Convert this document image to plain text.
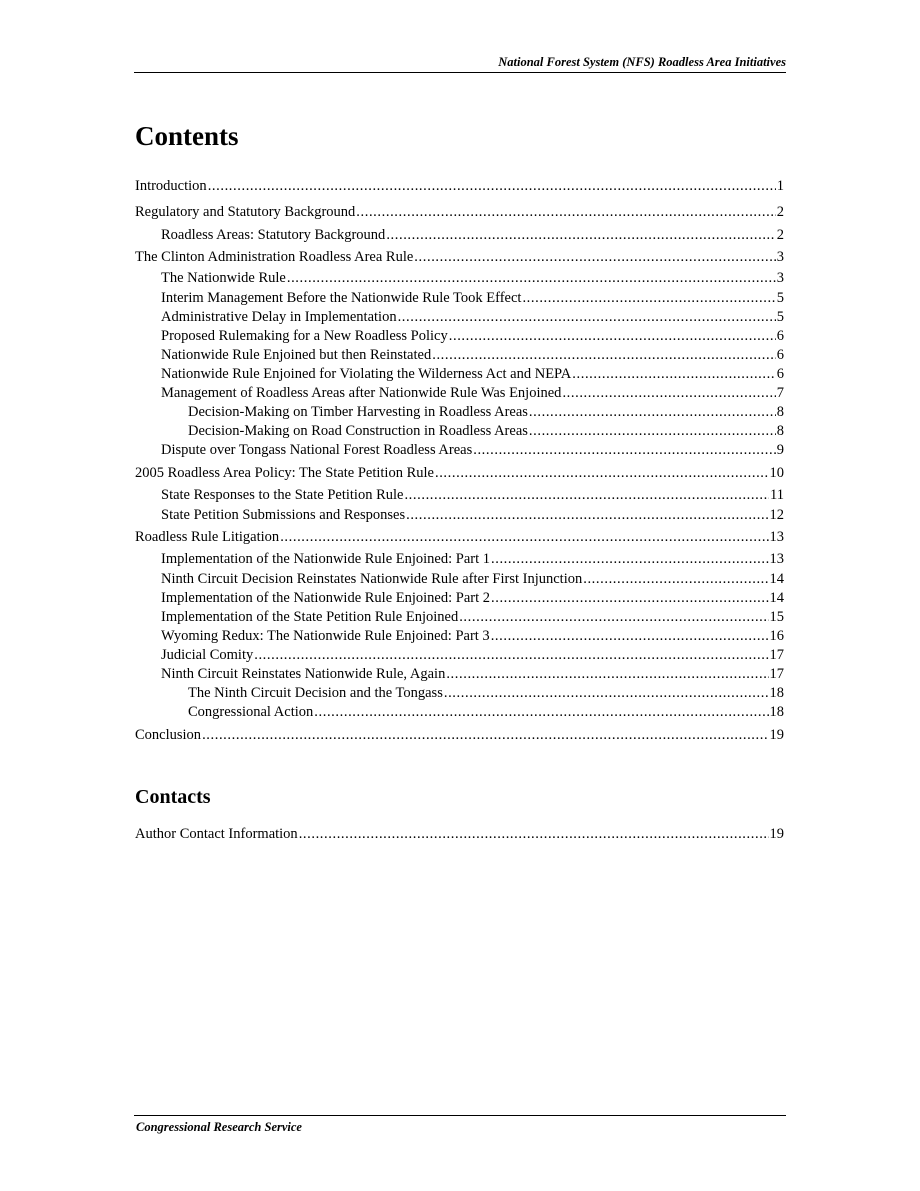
National Forest System (NFS) Roadless Area Initiatives
Contents
Introduction .....	1
Regulatory and Statutory Background .....	2
Roadless Areas: Statutory Background .....	2
The Clinton Administration Roadless Area Rule .....	3
The Nationwide Rule .....	3
Interim Management Before the Nationwide Rule Took Effect .....	5
Administrative Delay in Implementation .....	5
Proposed Rulemaking for a New Roadless Policy .....	6
Nationwide Rule Enjoined but then Reinstated .....	6
Nationwide Rule Enjoined for Violating the Wilderness Act and NEPA .....	6
Management of Roadless Areas after Nationwide Rule Was Enjoined .....	7
Decision-Making on Timber Harvesting in Roadless Areas .....	8
Decision-Making on Road Construction in Roadless Areas .....	8
Dispute over Tongass National Forest Roadless Areas .....	9
2005 Roadless Area Policy: The State Petition Rule .....	10
State Responses to the State Petition Rule .....	11
State Petition Submissions and Responses .....	12
Roadless Rule Litigation .....	13
Implementation of the Nationwide Rule Enjoined: Part 1 .....	13
Ninth Circuit Decision Reinstates Nationwide Rule after First Injunction .....	14
Implementation of the Nationwide Rule Enjoined: Part 2 .....	14
Implementation of the State Petition Rule Enjoined .....	15
Wyoming Redux: The Nationwide Rule Enjoined: Part 3 .....	16
Judicial Comity .....	17
Ninth Circuit Reinstates Nationwide Rule, Again .....	17
The Ninth Circuit Decision and the Tongass .....	18
Congressional Action .....	18
Conclusion .....	19
Contacts
Author Contact Information .....	19
Congressional Research Service
